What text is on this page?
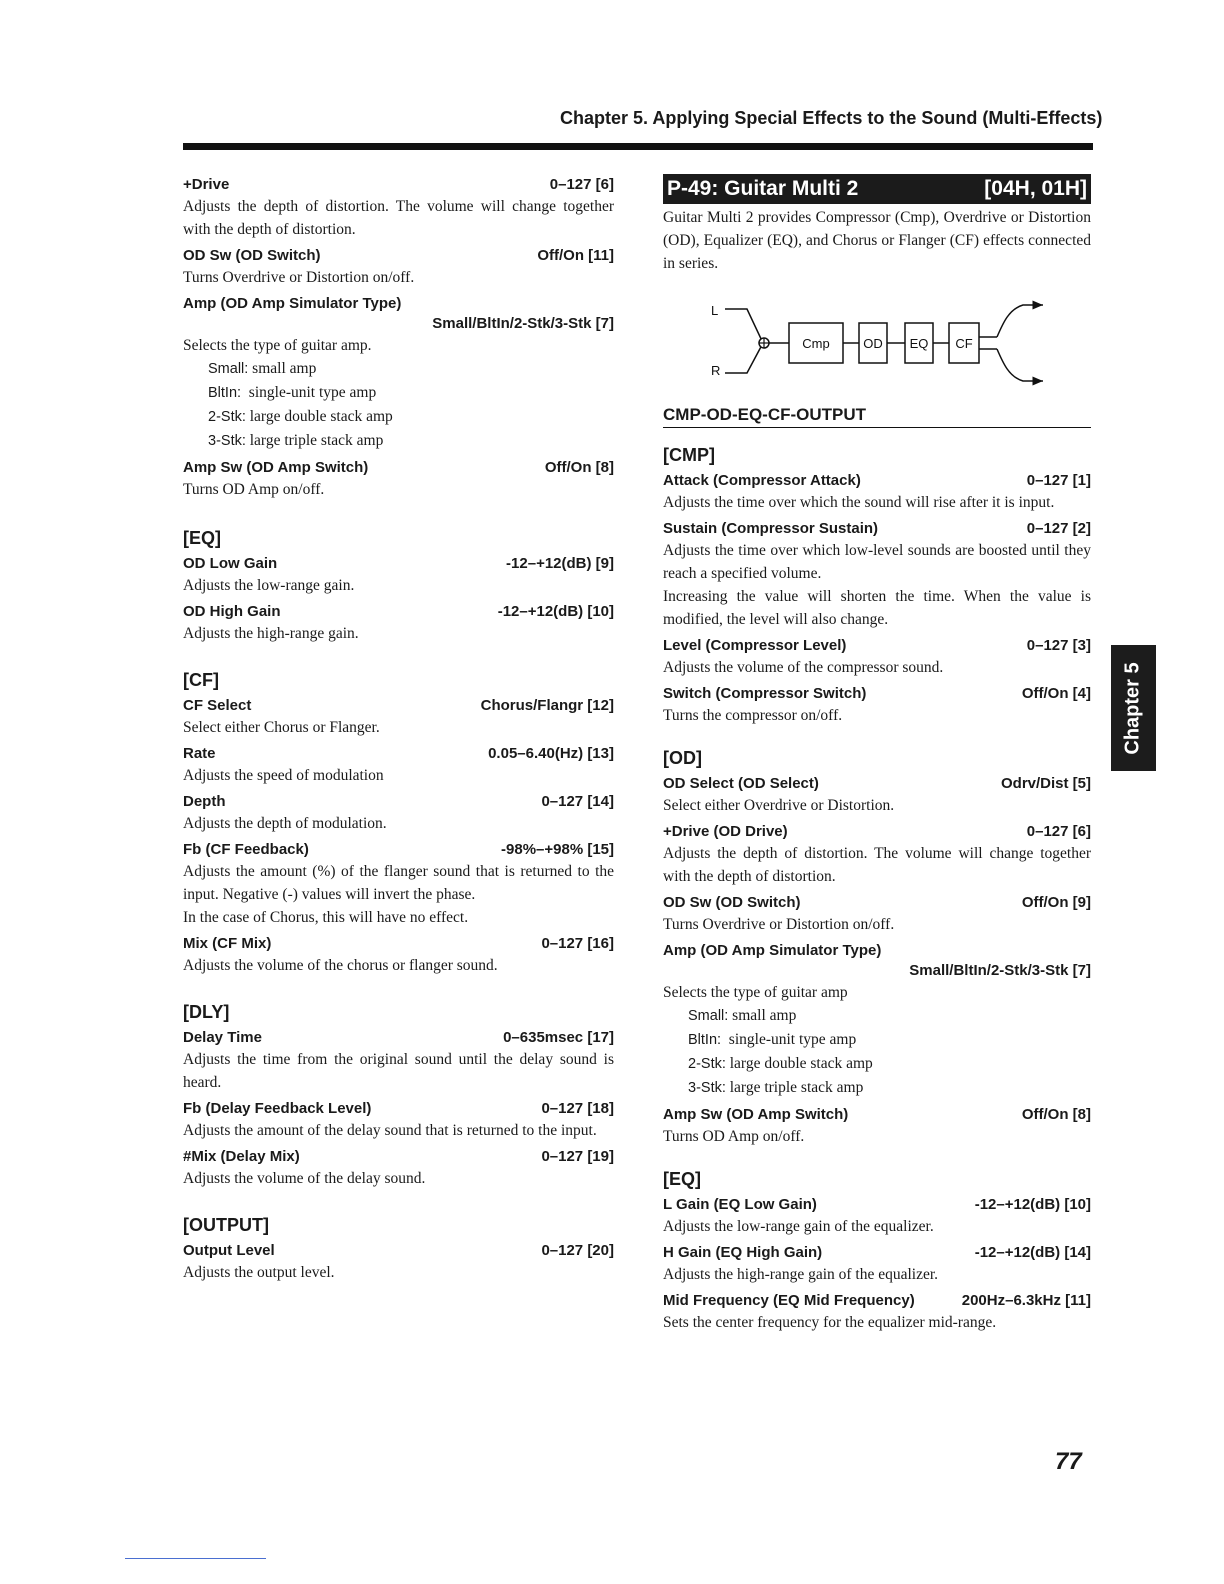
Chapter 5. Applying Special Effects to the Sound (Multi-Effects)
+Drive	0–127 [6]
Adjusts the depth of distortion. The volume will change together with the depth of distortion.
OD Sw (OD Switch)	Off/On [11]
Turns Overdrive or Distortion on/off.
Amp (OD Amp Simulator Type)
Small/BltIn/2-Stk/3-Stk [7]
Selects the type of guitar amp.
Small: small amp
BltIn: single-unit type amp
2-Stk: large double stack amp
3-Stk: large triple stack amp
Amp Sw (OD Amp Switch)	Off/On [8]
Turns OD Amp on/off.
[EQ]
OD Low Gain	-12–+12(dB) [9]
Adjusts the low-range gain.
OD High Gain	-12–+12(dB) [10]
Adjusts the high-range gain.
[CF]
CF Select	Chorus/Flangr [12]
Select either Chorus or Flanger.
Rate	0.05–6.40(Hz) [13]
Adjusts the speed of modulation
Depth	0–127 [14]
Adjusts the depth of modulation.
Fb (CF Feedback)	-98%–+98% [15]
Adjusts the amount (%) of the flanger sound that is returned to the input. Negative (-) values will invert the phase.
In the case of Chorus, this will have no effect.
Mix (CF Mix)	0–127 [16]
Adjusts the volume of the chorus or flanger sound.
[DLY]
Delay Time	0–635msec [17]
Adjusts the time from the original sound until the delay sound is heard.
Fb (Delay Feedback Level)	0–127 [18]
Adjusts the amount of the delay sound that is returned to the input.
#Mix (Delay Mix)	0–127 [19]
Adjusts the volume of the delay sound.
[OUTPUT]
Output Level	0–127 [20]
Adjusts the output level.
P-49: Guitar Multi 2	[04H, 01H]
Guitar Multi 2 provides Compressor (Cmp), Overdrive or Distortion (OD), Equalizer (EQ), and Chorus or Flanger (CF) effects connected in series.
L
R
Cmp	OD EQ CF
CMP-OD-EQ-CF-OUTPUT
[CMP]
Attack (Compressor Attack)	0–127 [1]
Adjusts the time over which the sound will rise after it is input.
Sustain (Compressor Sustain)	0–127 [2]
Adjusts the time over which low-level sounds are boosted until they reach a specified volume.
Increasing the value will shorten the time. When the value is modified, the level will also change.
Level (Compressor Level)	0–127 [3]
Adjusts the volume of the compressor sound.
Switch (Compressor Switch)	Off/On [4]
Turns the compressor on/off.
[OD]
OD Select (OD Select)	Odrv/Dist [5]
Select either Overdrive or Distortion.
+Drive (OD Drive)	0–127 [6]
Adjusts the depth of distortion. The volume will change together with the depth of distortion.
OD Sw (OD Switch)	Off/On [9]
Turns Overdrive or Distortion on/off.
Amp (OD Amp Simulator Type)
Small/BltIn/2-Stk/3-Stk [7]
Selects the type of guitar amp
Small: small amp
BltIn: single-unit type amp
2-Stk: large double stack amp
3-Stk: large triple stack amp
Amp Sw (OD Amp Switch)	Off/On [8]
Turns OD Amp on/off.
[EQ]
L Gain (EQ Low Gain)	-12–+12(dB) [10]
Adjusts the low-range gain of the equalizer.
H Gain (EQ High Gain)	-12–+12(dB) [14]
Adjusts the high-range gain of the equalizer.
Mid Frequency (EQ Mid Frequency)	200Hz–6.3kHz [11]
Sets the center frequency for the equalizer mid-range.
Chapter 5
77
